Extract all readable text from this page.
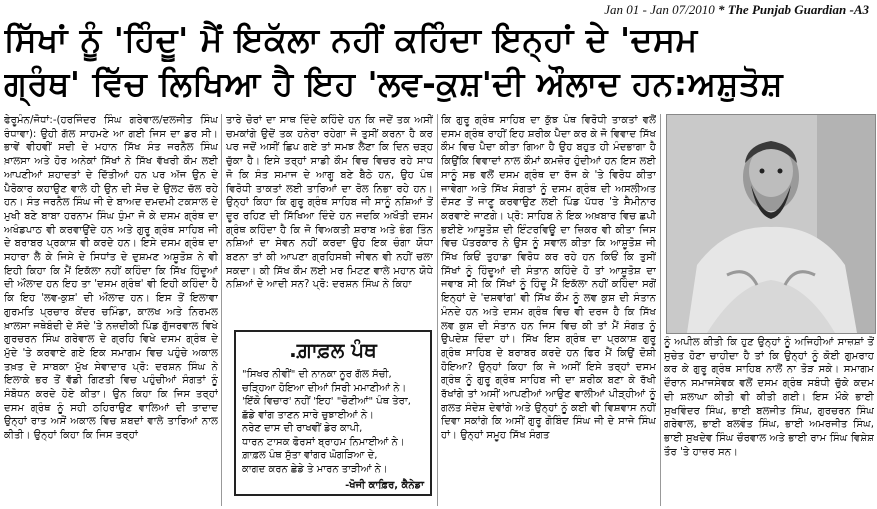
Jan 01 - Jan 07/2010 * The Punjab Guardian -A3
ਸਿੱਖਾਂ ਨੂੰ 'ਹਿੰਦੂ' ਮੈਂ ਇਕੱਲਾ ਨਹੀਂ ਕਹਿੰਦਾ ਇਨ੍ਹਾਂ ਦੇ 'ਦਸਮ
ਗ੍ਰੰਥ' ਵਿੱਚ ਲਿਖਿਆ ਹੈ ਇਹ 'ਲਵ-ਕੁਸ਼'ਦੀ ਔਲਾਦ ਹਨ:ਅਸ਼ੁਤੋਸ਼

ਫੇਰੂਮੰਨ/ਜੋਧਾਂ:-(ਹਰਜਿੰਦਰ ਸਿੰਘ ਗਰੇਵਾਲ/ਦਲਜੀਤ ਸਿੰਘ ਰੰਧਾਵਾ): ਉਹੀ ਗੱਲ ਸਾਹਮਣੇ ਆ ਗਈ ਜਿਸ ਦਾ ਡਰ ਸੀ। ਭਾਵੇਂ ਵੀਹਵੀਂ ਸਦੀ ਦੇ ਮਹਾਨ ਸਿੱਖ ਸੰਤ ਜਰਨੈਲ ਸਿੰਘ ਖ਼ਾਲਸਾ ਅਤੇ ਹੋਰ ਅਨੇਕਾਂ ਸਿੱਖਾਂ ਨੇ ਸਿੱਖ ਵੱਖਰੀ ਕੌਮ ਲਈ ਆਪਣੀਆਂ ਸ਼ਹਾਦਤਾਂ ਦੇ ਦਿੱਤੀਆਂ ਹਨ ਪਰ ਅੱਜ ਉਨ ਦੇ ਪੈਰੋਕਾਰ ਕਹਾਉਣ ਵਾਲੇ ਹੀ ਉਨ ਦੀ ਸੋਚ ਦੇ ਉਲਟ ਚੱਲ ਰਹੇ ਹਨ। ਸੰਤ ਜਰਨੈਲ ਸਿੰਘ ਜੀ ਦੇ ਬਾਅਦ ਦਮਦਮੀ ਟਕਸਾਲ ਦੇ ਮੁਖੀ ਬਣੇ ਬਾਬਾ ਹਰਨਾਮ ਸਿੰਘ ਧੁੰਮਾ ਜੋ ਕੇ ਦਸਮ ਗ੍ਰੰਥ ਦਾ ਅਖੰਡਪਾਠ ਵੀ ਕਰਵਾਉਂਦੇ ਹਨ ਅਤੇ ਗੁਰੂ ਗ੍ਰੰਥ ਸਾਹਿਬ ਜੀ ਦੇ ਬਰਾਬਰ ਪ੍ਰਕਾਸ਼ ਵੀ ਕਰਦੇ ਹਨ। ਇਸੇ ਦਸਮ ਗ੍ਰੰਥ ਦਾ ਸਹਾਰਾ ਲੈ ਕੇ ਜਿਸੇ ਦੇ ਸਿਧਾਂਤ ਦੇ ਦੁਸ਼ਮਣ ਅਸ਼ੂਤੋਸ਼ ਨੇ ਵੀ ਇਹੀ ਕਿਹਾ ਕਿ ਮੈਂ ਇਕੱਲਾ ਨਹੀਂ ਕਹਿੰਦਾ ਕਿ ਸਿੱਖ ਹਿੰਦੂਆਂ ਦੀ ਔਲਾਦ ਹਨ ਇਹ ਤਾ 'ਦਸਮ ਗ੍ਰੰਥ' ਵੀ ਇਹੀ ਕਹਿੰਦਾ ਹੈ ਕਿ ਇਹ 'ਲਵ-ਕੁਸ਼' ਦੀ ਔਲਾਦ ਹਨ। ਇਸ ਤੋਂ ਇਲਾਵਾ ਗੁਰਮਤਿ ਪ੍ਰਚਾਰ ਕੇਂਦਰ ਚਮਿੰਡਾ, ਕਾਲਖ ਅਤੇ ਨਿਰਮਲ ਖ਼ਾਲਸਾ ਜਥੇਬੰਦੀ ਦੇ ਸੱਦੇ 'ਤੇ ਨਜ਼ਦੀਕੀ ਪਿੰਡ ਗੁੱਜਰਵਾਲ ਵਿਖੇ ਗੁਰਚਰਨ ਸਿੰਘ ਗਰੇਵਾਲ ਦੇ ਗ੍ਰਹਿ ਵਿਖੇ ਦਸਮ ਗ੍ਰੰਥ ਦੇ ਮੁੱਦੇ 'ਤੇ ਕਰਵਾਏ ਗਏ ਇਕ ਸਮਾਗਮ ਵਿਚ ਪਹੁੰਚੇ ਅਕਾਲ ਤਖ਼ਤ ਦੇ ਸਾਬਕਾ ਮੁੱਖ ਸੇਵਾਦਾਰ ਪ੍ਰੋ: ਦਰਸ਼ਨ ਸਿੰਘ ਨੇ ਇਲਾਕੇ ਭਰ ਤੋਂ ਵੱਡੀ ਗਿਣਤੀ ਵਿਚ ਪਹੁੰਚੀਆਂ ਸੰਗਤਾਂ ਨੂੰ ਸੰਬੋਧਨ ਕਰਦੇ ਹੋਏ ਕੀਤਾ। ਉਨ ਕਿਹਾ ਕਿ ਜਿਸ ਤਰ੍ਹਾਂ ਦਸਮ ਗ੍ਰੰਥ ਨੂੰ ਸਹੀ ਠਹਿਰਾਉਣ ਵਾਲਿਆਂ ਦੀ ਤਾਦਾਦ ਉਨ੍ਹਾਂ ਰਾਤ ਅਸੋਂ ਅਕਾਲ ਵਿਚ ਸ਼ਬਦਾਂ ਵਾਲੇ ਤਾਰਿਆਂ ਨਾਲ ਕੀਤੀ। ਉਨ੍ਹਾਂ ਕਿਹਾ ਕਿ ਜਿਸ ਤਰ੍ਹਾਂ

ਤਾਰੇ ਚੋਰਾਂ ਦਾ ਸਾਥ ਦਿੰਦੇ ਕਹਿੰਦੇ ਹਨ ਕਿ ਜਦੋਂ ਤਕ ਅਸੀਂ ਚਮਕਾਂਗੇ ਉਦੋਂ ਤਕ ਹਨੇਰਾ ਰਹੇਗਾ ਜੋ ਤੁਸੀਂ ਕਰਨਾ ਹੈ ਕਰ ਪਰ ਜਦੋਂ ਅਸੀਂ ਛਿਪ ਗਏ ਤਾਂ ਸਮਝ ਲੈਣਾ ਕਿ ਦਿਨ ਚੜ੍ਹ ਚੁੱਕਾ ਹੈ। ਇਸੇ ਤਰ੍ਹਾਂ ਸਾਡੀ ਕੌਮ ਵਿਚ ਵਿਚਰ ਰਹੇ ਸਾਧ ਜੋ ਕਿ ਸੰਤ ਸਮਾਜ ਦੇ ਆਗੂ ਬਣੇ ਬੈਠੇ ਹਨ, ਉਹ ਪੰਥ ਵਿਰੋਧੀ ਤਾਕਤਾਂ ਲਈ ਤਾਰਿਆਂ ਦਾ ਰੋਲ ਨਿਭਾ ਰਹੇ ਹਨ। ਉਨ੍ਹਾਂ ਕਿਹਾ ਕਿ ਗੁਰੂ ਗ੍ਰੰਥ ਸਾਹਿਬ ਜੀ ਸਾਨੂੰ ਨਸ਼ਿਆਂ ਤੋਂ ਦੂਰ ਰਹਿਣ ਦੀ ਸਿੱਖਿਆ ਦਿੰਦੇ ਹਨ ਜਦਕਿ ਅਖੌਤੀ ਦਸਮ ਗ੍ਰੰਥ ਕਹਿੰਦਾ ਹੈ ਕਿ ਜੋ ਵਿਅਕਤੀ ਸ਼ਰਾਬ ਅਤੇ ਭੰਗ ਤਿੰਨ ਨਸ਼ਿਆਂ ਦਾ ਸੇਵਨ ਨਹੀਂ ਕਰਦਾ ਉਹ ਇਕ ਚੰਗਾ ਯੋਧਾ ਬਣਨਾ ਤਾਂ ਕੀ ਆਪਣਾ ਗ੍ਰਹਿਸਥੀ ਜੀਵਨ ਵੀ ਨਹੀਂ ਚਲਾ ਸਕਦਾ। ਕੀ ਸਿੱਖ ਕੌਮ ਲਈ ਮਰ ਮਿਟਣ ਵਾਲੇ ਮਹਾਨ ਯੋਧੇ ਨਸ਼ਿਆਂ ਦੇ ਆਦੀ ਸਨ? ਪ੍ਰੋ: ਦਰਸ਼ਨ ਸਿੰਘ ਨੇ ਕਿਹਾ

.ਗ਼ਾਫ਼ਲ ਪੰਥ
"ਸਿਖਰ ਨੀਵੀਂ" ਦੀ ਨਾਨਕਾ ਨੂਰ ਗੱਲ ਸੱਚੀ,
ਚੜ੍ਹਿਆ ਹੋਇਆ ਦੀਆਂ ਸਿਰੀ ਮਮਾਣੀਆਂ ਨੇ।
'ਇੱਕੋ ਵਿਚਾਰ' ਨਹੀਂ 'ਇਹ' "ਚੋਣੀਆਂ" ਪੰਥ ਤੇਰਾ,
ਛੱਡੇ ਵਾਂਗ ਤਾਣਨ ਸਾਰੇ ਚੁਝਾਈਆਂ ਨੇ।
ਨਰੇਣ ਦਾਸ ਦੀ ਰਾਖਵੀਂ ਡੇਰ ਕਾਪੀ,
ਧਾਰਨ ਟਾਸਕ ਫੋਰਸਾਂ ਬ੍ਰਾਹਮ ਨਿਮਾਈਆਂ ਨੇ।
ਗ਼ਾਫ਼ਲ ਪੰਥ ਸੁੱਤਾ ਵਾਂਗਰ ਘੋਗੜਿਆ ਦੇ,
ਕਾਗਦ ਕਰਨ ਛੇਡੇ ਤੇ ਮਾਰਨ ਤਾੜੀਆਂ ਨੇ।
-ਖੋਜੀ ਕਾਫ਼ਿਰ, ਕੈਨੇਡਾ

ਕਿ ਗੁਰੂ ਗ੍ਰੰਥ ਸਾਹਿਬ ਦਾ ਕੁੱਝ ਪੰਥ ਵਿਰੋਧੀ ਤਾਕਤਾਂ ਵਲੋਂ ਦਸਮ ਗ੍ਰੰਥ ਰਾਹੀਂ ਇਹ ਸ਼ਰੀਕ ਪੈਦਾ ਕਰ ਕੇ ਜੋ ਵਿਵਾਦ ਸਿੱਖ ਕੌਮ ਵਿਚ ਪੈਦਾ ਕੀਤਾ ਗਿਆ ਹੈ ਉਹ ਬਹੁਤ ਹੀ ਮੰਦਭਾਗਾ ਹੈ ਕਿਉਂਕਿ ਵਿਵਾਦਾਂ ਨਾਲ ਕੌਮਾਂ ਕਮਜ਼ੋਰ ਹੁੰਦੀਆਂ ਹਨ ਇਸ ਲਈ ਸਾਨੂੰ ਸਭ ਵਲੋਂ ਦਸਮ ਗ੍ਰੰਥ ਦਾ ਰੱਜ ਕੇ 'ਤੇ ਵਿਰੋਧ ਕੀਤਾ ਜਾਵੇਗਾ ਅਤੇ ਸਿੱਖ ਸੰਗਤਾਂ ਨੂੰ ਦਸਮ ਗ੍ਰੰਥ ਦੀ ਅਸਲੀਅਤ ਦੱਸਣ ਤੋਂ ਜਾਣੂ ਕਰਵਾਉਣ ਲਈ ਪਿੰਡ ਪੱਧਰ 'ਤੇ ਸੈਮੀਨਾਰ ਕਰਵਾਏ ਜਾਣਗੇ। ਪ੍ਰੋ: ਸਾਹਿਬ ਨੇ ਇਕ ਅਖ਼ਬਾਰ ਵਿਚ ਛਪੀ ਭਈਏ ਆਸ਼ੂਤੋਸ਼ ਦੀ ਇੰਟਰਵਿਊ ਦਾ ਜ਼ਿਕਰ ਵੀ ਕੀਤਾ ਜਿਸ ਵਿਚ ਪੱਤਰਕਾਰ ਨੇ ਉਸ ਨੂੰ ਸਵਾਲ ਕੀਤਾ ਕਿ ਆਸ਼ੂਤੋਸ਼ ਜੀ ਸਿੱਖ ਕਿਓਂ ਤੁਹਾਡਾ ਵਿਰੋਧ ਕਰ ਰਹੇ ਹਨ ਕਿਓਂ ਕਿ ਤੁਸੀਂ ਸਿੱਖਾਂ ਨੂੰ ਹਿੰਦੂਆਂ ਦੀ ਸੰਤਾਨ ਕਹਿੰਦੇ ਹੋ ਤਾਂ ਆਸ਼ੂਤੋਸ਼ ਦਾ ਜਵਾਬ ਸੀ ਕਿ ਸਿੱਖਾਂ ਨੂੰ ਹਿੰਦੂ ਮੈਂ ਇਕੱਲਾ ਨਹੀਂ ਕਹਿੰਦਾ ਸਗੋਂ ਇਨ੍ਹਾਂ ਦੇ 'ਦਸ਼ਵਾਂਗ' ਵੀ ਸਿੱਖ ਕੌਮ ਨੂੰ ਲਵ ਕੁਸ਼ ਦੀ ਸੰਤਾਨ ਮੰਨਦੇ ਹਨ ਅਤੇ ਦਸਮ ਗ੍ਰੰਥ ਵਿਚ ਵੀ ਦਰਜ ਹੈ ਕਿ ਸਿੱਖ ਲਵ ਕੁਸ਼ ਦੀ ਸੰਤਾਨ ਹਨ ਜਿਸ ਵਿਚ ਕੀ ਤਾਂ ਮੈਂ ਸੰਗਤ ਨੂੰ ਉਪਦੇਸ਼ ਦਿੰਦਾ ਹਾਂ। ਸਿੱਖ ਇਸ ਗ੍ਰੰਥ ਦਾ ਪ੍ਰਕਾਸ਼ ਗੁਰੂ ਗ੍ਰੰਥ ਸਾਹਿਬ ਦੇ ਬਰਾਬਰ ਕਰਦੇ ਹਨ ਫਿਰ ਮੈਂ ਕਿਉਂ ਦੋਸ਼ੀ ਹੋਇਆ? ਉਨ੍ਹਾਂ ਕਿਹਾ ਕਿ ਜੇ ਅਸੀਂ ਇਸੇ ਤਰ੍ਹਾਂ ਦਸਮ ਗ੍ਰੰਥ ਨੂੰ ਗੁਰੂ ਗ੍ਰੰਥ ਸਾਹਿਬ ਜੀ ਦਾ ਸ਼ਰੀਕ ਬਣਾ ਕੇ ਰੱਖੀ ਰੱਖਾਂਗੇ ਤਾਂ ਅਸੀਂ ਆਪਣੀਆਂ ਆਉਣ ਵਾਲੀਆਂ ਪੀੜ੍ਹੀਆਂ ਨੂੰ ਗਲਤ ਸੰਦੇਸ਼ ਦੇਵਾਂਗੇ ਅਤੇ ਉਨ੍ਹਾਂ ਨੂੰ ਕਈ ਵੀ ਵਿਸ਼ਵਾਸ ਨਹੀਂ ਦਿਵਾ ਸਕਾਂਗੇ ਕਿ ਅਸੀਂ ਗੁਰੂ ਗੋਬਿੰਦ ਸਿੰਘ ਜੀ ਦੇ ਸਾਜੇ ਸਿੰਘ ਹਾਂ। ਉਨ੍ਹਾਂ ਸਮੂਹ ਸਿੱਖ ਸੰਗਤ

ਨੂੰ ਅਪੀਲ ਕੀਤੀ ਕਿ ਹੁਣ ਉਨ੍ਹਾਂ ਨੂੰ ਅਜਿਹੀਆਂ ਸਾਜ਼ਸ਼ਾਂ ਤੋਂ ਸੁਚੇਤ ਹੋਣਾ ਚਾਹੀਦਾ ਹੈ ਤਾਂ ਕਿ ਉਨ੍ਹਾਂ ਨੂੰ ਕੋਈ ਗੁਮਰਾਹ ਕਰ ਕੇ ਗੁਰੂ ਗ੍ਰੰਥ ਸਾਹਿਬ ਨਾਲੋਂ ਨਾ ਤੋੜ ਸਕੇ। ਸਮਾਗਮ ਦੌਰਾਨ ਸਮਾਜਸੇਵਕ ਵਲੋਂ ਦਸਮ ਗ੍ਰੰਥ ਸਬੰਧੀ ਚੁੱਕੇ ਕਦਮ ਦੀ ਸ਼ਲਾਘਾ ਕੀਤੀ ਵੀ ਕੀਤੀ ਗਈ। ਇਸ ਮੌਕੇ ਭਾਈ ਸੁਖਵਿੰਦਰ ਸਿੰਘ, ਭਾਈ ਬਲਜੀਤ ਸਿੰਘ, ਗੁਰਚਰਨ ਸਿੰਘ ਗਰੇਵਾਲ, ਭਾਈ ਬਲਵੰਤ ਸਿੰਘ, ਭਾਈ ਅਮਰਜੀਤ ਸਿੰਘ, ਭਾਈ ਸੁਖਦੇਵ ਸਿੰਘ ਚੌਰਵਾਲ ਅਤੇ ਭਾਈ ਰਾਮ ਸਿੰਘ ਵਿਸ਼ੇਸ਼ ਤੌਰ 'ਤੇ ਹਾਜ਼ਰ ਸਨ।
